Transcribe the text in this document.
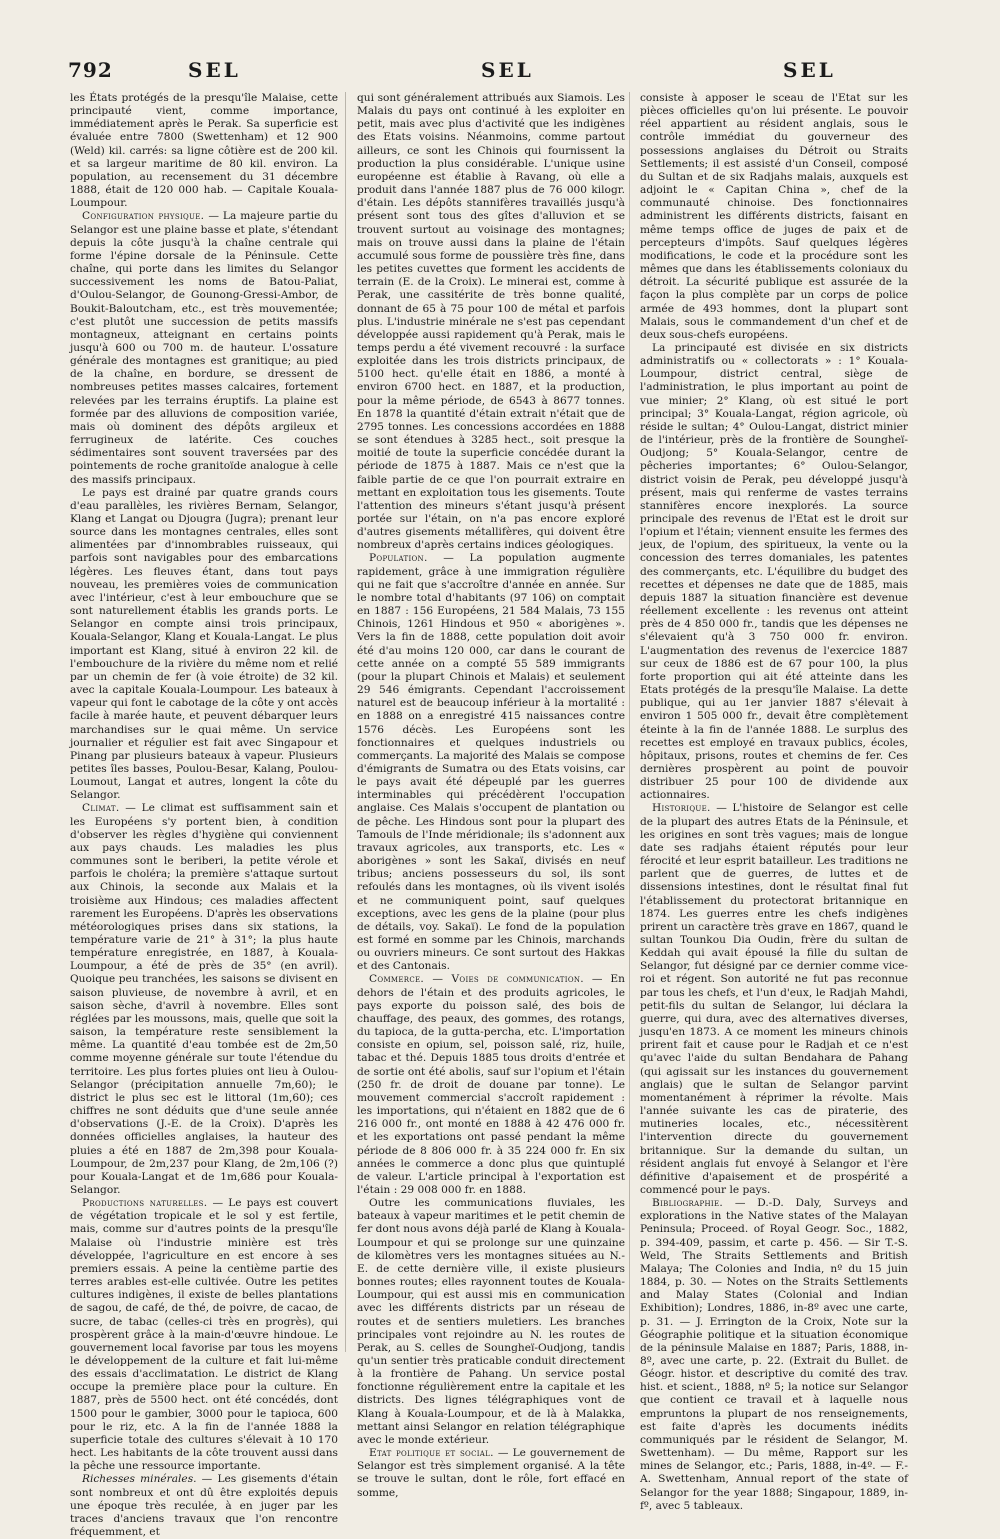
792	SEL	SEL	SEL

les États protégés de la presqu'île Malaise, cette principauté vient, comme importance, immédiatement après le Perak. Sa superficie est évaluée entre 7800 (Swettenham) et 12 900 (Weld) kil. carrés: sa ligne côtière est de 200 kil. et sa largeur maritime de 80 kil. environ. La population, au recensement du 31 décembre 1888, était de 120 000 hab. — Capitale Kouala-Loumpour.

Configuration physique. — La majeure partie du Selangor est une plaine basse et plate, s'étendant depuis la côte jusqu'à la chaîne centrale qui forme l'épine dorsale de la Péninsule. Cette chaîne, qui porte dans les limites du Selangor successivement les noms de Batou-Paliat, d'Oulou-Selangor, de Gounong-Gressi-Ambor, de Boukit-Baloutcham, etc., est très mouvementée; c'est plutôt une succession de petits massifs montagneux, atteignant en certains points jusqu'à 600 ou 700 m. de hauteur. L'ossature générale des montagnes est granitique; au pied de la chaîne, en bordure, se dressent de nombreuses petites masses calcaires, fortement relevées par les terrains éruptifs. La plaine est formée par des alluvions de composition variée, mais où dominent des dépôts argileux et ferrugineux de latérite. Ces couches sédimentaires sont souvent traversées par des pointements de roche granitoïde analogue à celle des massifs principaux.

Le pays est drainé par quatre grands cours d'eau parallèles, les rivières Bernam, Selangor, Klang et Langat ou Djougra (Jugra); prenant leur source dans les montagnes centrales, elles sont alimentées par d'innombrables ruisseaux, qui parfois sont navigables pour des embarcations légères. Les fleuves étant, dans tout pays nouveau, les premières voies de communication avec l'intérieur, c'est à leur embouchure que se sont naturellement établis les grands ports. Le Selangor en compte ainsi trois principaux, Kouala-Selangor, Klang et Kouala-Langat. Le plus important est Klang, situé à environ 22 kil. de l'embouchure de la rivière du même nom et relié par un chemin de fer (à voie étroite) de 32 kil. avec la capitale Kouala-Loumpour. Les bateaux à vapeur qui font le cabotage de la côte y ont accès facile à marée haute, et peuvent débarquer leurs marchandises sur le quai même. Un service journalier et régulier est fait avec Singapour et Pinang par plusieurs bateaux à vapeur. Plusieurs petites îles basses, Poulou-Besar, Kalang, Poulou-Loumout, Langat et autres, longent la côte du Selangor.

Climat. — Le climat est suffisamment sain et les Européens s'y portent bien, à condition d'observer les règles d'hygiène qui conviennent aux pays chauds. Les maladies les plus communes sont le beriberi, la petite vérole et parfois le choléra; la première s'attaque surtout aux Chinois, la seconde aux Malais et la troisième aux Hindous; ces maladies affectent rarement les Européens. D'après les observations météorologiques prises dans six stations, la température varie de 21° à 31°; la plus haute température enregistrée, en 1887, à Kouala-Loumpour, a été de près de 35° (en avril). Quoique peu tranchées, les saisons se divisent en saison pluvieuse, de novembre à avril, et en saison sèche, d'avril à novembre. Elles sont réglées par les moussons, mais, quelle que soit la saison, la température reste sensiblement la même. La quantité d'eau tombée est de 2m,50 comme moyenne générale sur toute l'étendue du territoire. Les plus fortes pluies ont lieu à Oulou-Selangor (précipitation annuelle 7m,60); le district le plus sec est le littoral (1m,60); ces chiffres ne sont déduits que d'une seule année d'observations (J.-E. de la Croix). D'après les données officielles anglaises, la hauteur des pluies a été en 1887 de 2m,398 pour Kouala-Loumpour, de 2m,237 pour Klang, de 2m,106 (?) pour Kouala-Langat et de 1m,686 pour Kouala-Selangor.

Productions naturelles. — Le pays est couvert de végétation tropicale et le sol y est fertile, mais, comme sur d'autres points de la presqu'île Malaise où l'industrie minière est très développée, l'agriculture en est encore à ses premiers essais. A peine la centième partie des terres arables est-elle cultivée. Outre les petites cultures indigènes, il existe de belles plantations de sagou, de café, de thé, de poivre, de cacao, de sucre, de tabac (celles-ci très en progrès), qui prospèrent grâce à la main-d'œuvre hindoue. Le gouvernement local favorise par tous les moyens le développement de la culture et fait lui-même des essais d'acclimatation. Le district de Klang occupe la première place pour la culture. En 1887, près de 5500 hect. ont été concédés, dont 1500 pour le gambier, 3000 pour le tapioca, 600 pour le riz, etc. A la fin de l'année 1888 la superficie totale des cultures s'élevait à 10 170 hect. Les habitants de la côte trouvent aussi dans la pêche une ressource importante.

Richesses minérales. — Les gisements d'étain sont nombreux et ont dû être exploités depuis une époque très reculée, à en juger par les traces d'anciens travaux que l'on rencontre fréquemment, et

qui sont généralement attribués aux Siamois. Les Malais du pays ont continué à les exploiter en petit, mais avec plus d'activité que les indigènes des Etats voisins. Néanmoins, comme partout ailleurs, ce sont les Chinois qui fournissent la production la plus considérable. L'unique usine européenne est établie à Ravang, où elle a produit dans l'année 1887 plus de 76 000 kilogr. d'étain. Les dépôts stannifères travaillés jusqu'à présent sont tous des gîtes d'alluvion et se trouvent surtout au voisinage des montagnes; mais on trouve aussi dans la plaine de l'étain accumulé sous forme de poussière très fine, dans les petites cuvettes que forment les accidents de terrain (E. de la Croix). Le minerai est, comme à Perak, une cassitérite de très bonne qualité, donnant de 65 à 75 pour 100 de métal et parfois plus. L'industrie minérale ne s'est pas cependant développée aussi rapidement qu'à Perak, mais le temps perdu a été vivement recouvré : la surface exploitée dans les trois districts principaux, de 5100 hect. qu'elle était en 1886, a monté à environ 6700 hect. en 1887, et la production, pour la même période, de 6543 à 8677 tonnes. En 1878 la quantité d'étain extrait n'était que de 2795 tonnes. Les concessions accordées en 1888 se sont étendues à 3285 hect., soit presque la moitié de toute la superficie concédée durant la période de 1875 à 1887. Mais ce n'est que la faible partie de ce que l'on pourrait extraire en mettant en exploitation tous les gisements. Toute l'attention des mineurs s'étant jusqu'à présent portée sur l'étain, on n'a pas encore exploré d'autres gisements métallifères, qui doivent être nombreux d'après certains indices géologiques.

Population. — La population augmente rapidement, grâce à une immigration régulière qui ne fait que s'accroître d'année en année. Sur le nombre total d'habitants (97 106) on comptait en 1887 : 156 Européens, 21 584 Malais, 73 155 Chinois, 1261 Hindous et 950 « aborigènes ». Vers la fin de 1888, cette population doit avoir été d'au moins 120 000, car dans le courant de cette année on a compté 55 589 immigrants (pour la plupart Chinois et Malais) et seulement 29 546 émigrants. Cependant l'accroissement naturel est de beaucoup inférieur à la mortalité : en 1888 on a enregistré 415 naissances contre 1576 décès. Les Européens sont les fonctionnaires et quelques industriels ou commerçants. La majorité des Malais se compose d'émigrants de Sumatra ou des Etats voisins, car le pays avait été dépeuplé par les guerres interminables qui précédèrent l'occupation anglaise. Ces Malais s'occupent de plantation ou de pêche. Les Hindous sont pour la plupart des Tamouls de l'Inde méridionale; ils s'adonnent aux travaux agricoles, aux transports, etc. Les « aborigènes » sont les Sakaï, divisés en neuf tribus; anciens possesseurs du sol, ils sont refoulés dans les montagnes, où ils vivent isolés et ne communiquent point, sauf quelques exceptions, avec les gens de la plaine (pour plus de détails, voy. Sakaï). Le fond de la population est formé en somme par les Chinois, marchands ou ouvriers mineurs. Ce sont surtout des Hakkas et des Cantonais.

Commerce. — Voies de communication. — En dehors de l'étain et des produits agricoles, le pays exporte du poisson salé, des bois de chauffage, des peaux, des gommes, des rotangs, du tapioca, de la gutta-percha, etc. L'importation consiste en opium, sel, poisson salé, riz, huile, tabac et thé. Depuis 1885 tous droits d'entrée et de sortie ont été abolis, sauf sur l'opium et l'étain (250 fr. de droit de douane par tonne). Le mouvement commercial s'accroît rapidement : les importations, qui n'étaient en 1882 que de 6 216 000 fr., ont monté en 1888 à 42 476 000 fr. et les exportations ont passé pendant la même période de 8 806 000 fr. à 35 224 000 fr. En six années le commerce a donc plus que quintuplé de valeur. L'article principal à l'exportation est l'étain : 29 008 000 fr. en 1888.

Outre les communications fluviales, les bateaux à vapeur maritimes et le petit chemin de fer dont nous avons déjà parlé de Klang à Kouala-Loumpour et qui se prolonge sur une quinzaine de kilomètres vers les montagnes situées au N.-E. de cette dernière ville, il existe plusieurs bonnes routes; elles rayonnent toutes de Kouala-Loumpour, qui est aussi mis en communication avec les différents districts par un réseau de routes et de sentiers muletiers. Les branches principales vont rejoindre au N. les routes de Perak, au S. celles de Soungheï-Oudjong, tandis qu'un sentier très praticable conduit directement à la frontière de Pahang. Un service postal fonctionne régulièrement entre la capitale et les districts. Des lignes télégraphiques vont de Klang à Kouala-Loumpour, et de là à Malakka, mettant ainsi Selangor en relation télégraphique avec le monde extérieur.

Etat politique et social. — Le gouvernement de Selangor est très simplement organisé. A la tête se trouve le sultan, dont le rôle, fort effacé en somme,

consiste à apposer le sceau de l'Etat sur les pièces officielles qu'on lui présente. Le pouvoir réel appartient au résident anglais, sous le contrôle immédiat du gouverneur des possessions anglaises du Détroit ou Straits Settlements; il est assisté d'un Conseil, composé du Sultan et de six Radjahs malais, auxquels est adjoint le « Capitan China », chef de la communauté chinoise. Des fonctionnaires administrent les différents districts, faisant en même temps office de juges de paix et de percepteurs d'impôts. Sauf quelques légères modifications, le code et la procédure sont les mêmes que dans les établissements coloniaux du détroit. La sécurité publique est assurée de la façon la plus complète par un corps de police armée de 493 hommes, dont la plupart sont Malais, sous le commandement d'un chef et de deux sous-chefs européens.

La principauté est divisée en six districts administratifs ou « collectorats » : 1° Kouala-Loumpour, district central, siège de l'administration, le plus important au point de vue minier; 2° Klang, où est situé le port principal; 3° Kouala-Langat, région agricole, où réside le sultan; 4° Oulou-Langat, district minier de l'intérieur, près de la frontière de Soungheï-Oudjong; 5° Kouala-Selangor, centre de pêcheries importantes; 6° Oulou-Selangor, district voisin de Perak, peu développé jusqu'à présent, mais qui renferme de vastes terrains stannifères encore inexplorés. La source principale des revenus de l'Etat est le droit sur l'opium et l'étain; viennent ensuite les fermes des jeux, de l'opium, des spiritueux, la vente ou la concession des terres domaniales, les patentes des commerçants, etc. L'équilibre du budget des recettes et dépenses ne date que de 1885, mais depuis 1887 la situation financière est devenue réellement excellente : les revenus ont atteint près de 4 850 000 fr., tandis que les dépenses ne s'élevaient qu'à 3 750 000 fr. environ. L'augmentation des revenus de l'exercice 1887 sur ceux de 1886 est de 67 pour 100, la plus forte proportion qui ait été atteinte dans les Etats protégés de la presqu'île Malaise. La dette publique, qui au 1er janvier 1887 s'élevait à environ 1 505 000 fr., devait être complètement éteinte à la fin de l'année 1888. Le surplus des recettes est employé en travaux publics, écoles, hôpitaux, prisons, routes et chemins de fer. Ces dernières prospèrent au point de pouvoir distribuer 25 pour 100 de dividende aux actionnaires.

Historique. — L'histoire de Selangor est celle de la plupart des autres Etats de la Péninsule, et les origines en sont très vagues; mais de longue date ses radjahs étaient réputés pour leur férocité et leur esprit batailleur. Les traditions ne parlent que de guerres, de luttes et de dissensions intestines, dont le résultat final fut l'établissement du protectorat britannique en 1874. Les guerres entre les chefs indigènes prirent un caractère très grave en 1867, quand le sultan Tounkou Dia Oudin, frère du sultan de Keddah qui avait épousé la fille du sultan de Selangor, fut désigné par ce dernier comme vice-roi et régent. Son autorité ne fut pas reconnue par tous les chefs, et l'un d'eux, le Radjah Mahdi, petit-fils du sultan de Selangor, lui déclara la guerre, qui dura, avec des alternatives diverses, jusqu'en 1873. A ce moment les mineurs chinois prirent fait et cause pour le Radjah et ce n'est qu'avec l'aide du sultan Bendahara de Pahang (qui agissait sur les instances du gouvernement anglais) que le sultan de Selangor parvint momentanément à réprimer la révolte. Mais l'année suivante les cas de piraterie, des mutineries locales, etc., nécessitèrent l'intervention directe du gouvernement britannique. Sur la demande du sultan, un résident anglais fut envoyé à Selangor et l'ère définitive d'apaisement et de prospérité a commencé pour le pays.

Bibliographie. — D.-D. Daly, Surveys and explorations in the Native states of the Malayan Peninsula; Proceed. of Royal Geogr. Soc., 1882, p. 394-409, passim, et carte p. 456. — Sir T.-S. Weld, The Straits Settlements and British Malaya; The Colonies and India, nº du 15 juin 1884, p. 30. — Notes on the Straits Settlements and Malay States (Colonial and Indian Exhibition); Londres, 1886, in-8º avec une carte, p. 31. — J. Errington de la Croix, Note sur la Géographie politique et la situation économique de la péninsule Malaise en 1887; Paris, 1888, in-8º, avec une carte, p. 22. (Extrait du Bullet. de Géogr. histor. et descriptive du comité des trav. hist. et scient., 1888, nº 5; la notice sur Selangor que contient ce travail et à laquelle nous empruntons la plupart de nos renseignements, est faite d'après les documents inédits communiqués par le résident de Selangor, M. Swettenham). — Du même, Rapport sur les mines de Selangor, etc.; Paris, 1888, in-4º. — F.-A. Swettenham, Annual report of the state of Selangor for the year 1888; Singapour, 1889, in-fº, avec 5 tableaux.
